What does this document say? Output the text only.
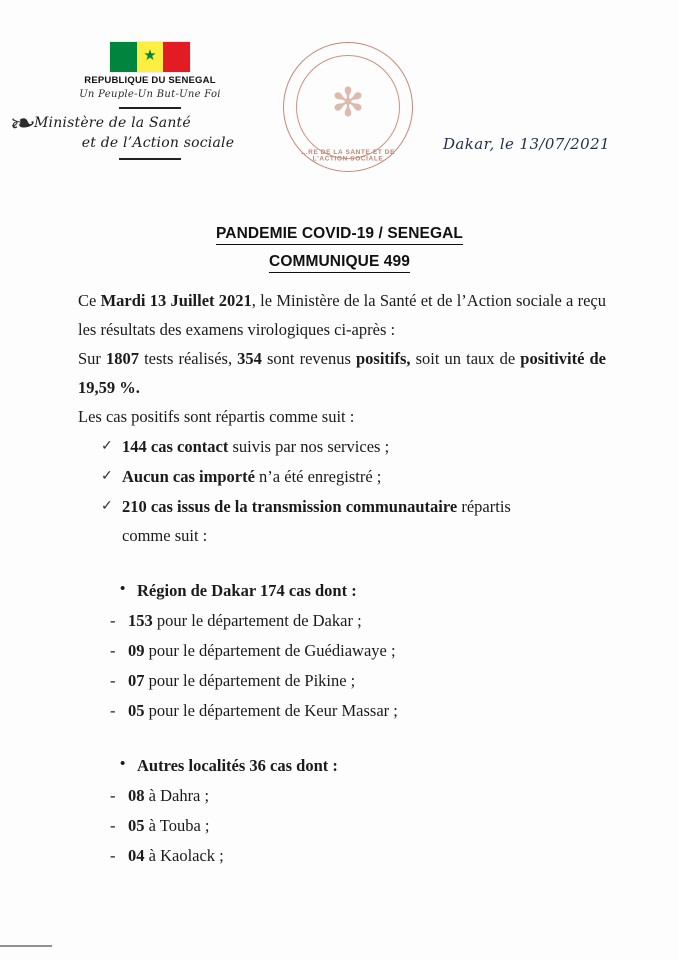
★
REPUBLIQUE DU SENEGAL
Un Peuple-Un But-Une Foi
❧
Ministère de la Santé
et de l’Action sociale
✻
...RE DE LA SANTE ET DE L'ACTION SOCIALE
Dakar, le 13/07/2021
PANDEMIE COVID-19 / SENEGAL
COMMUNIQUE 499

Ce Mardi 13 Juillet 2021, le Ministère de la Santé et de l’Action sociale a reçu les résultats des examens virologiques ci-après :

Sur 1807 tests réalisés, 354 sont revenus positifs, soit un taux de positivité de 19,59 %.

Les cas positifs sont répartis comme suit :

✓ 144 cas contact suivis par nos services ;
✓ Aucun cas importé n’a été enregistré ;
✓ 210 cas issus de la transmission communautaire répartis
comme suit :
• Région de Dakar 174 cas dont :
- 153 pour le département de Dakar ;
- 09 pour le département de Guédiawaye ;
- 07 pour le département de Pikine ;
- 05 pour le département de Keur Massar ;
• Autres localités 36 cas dont :
- 08 à Dahra ;
- 05 à Touba ;
- 04 à Kaolack ;
